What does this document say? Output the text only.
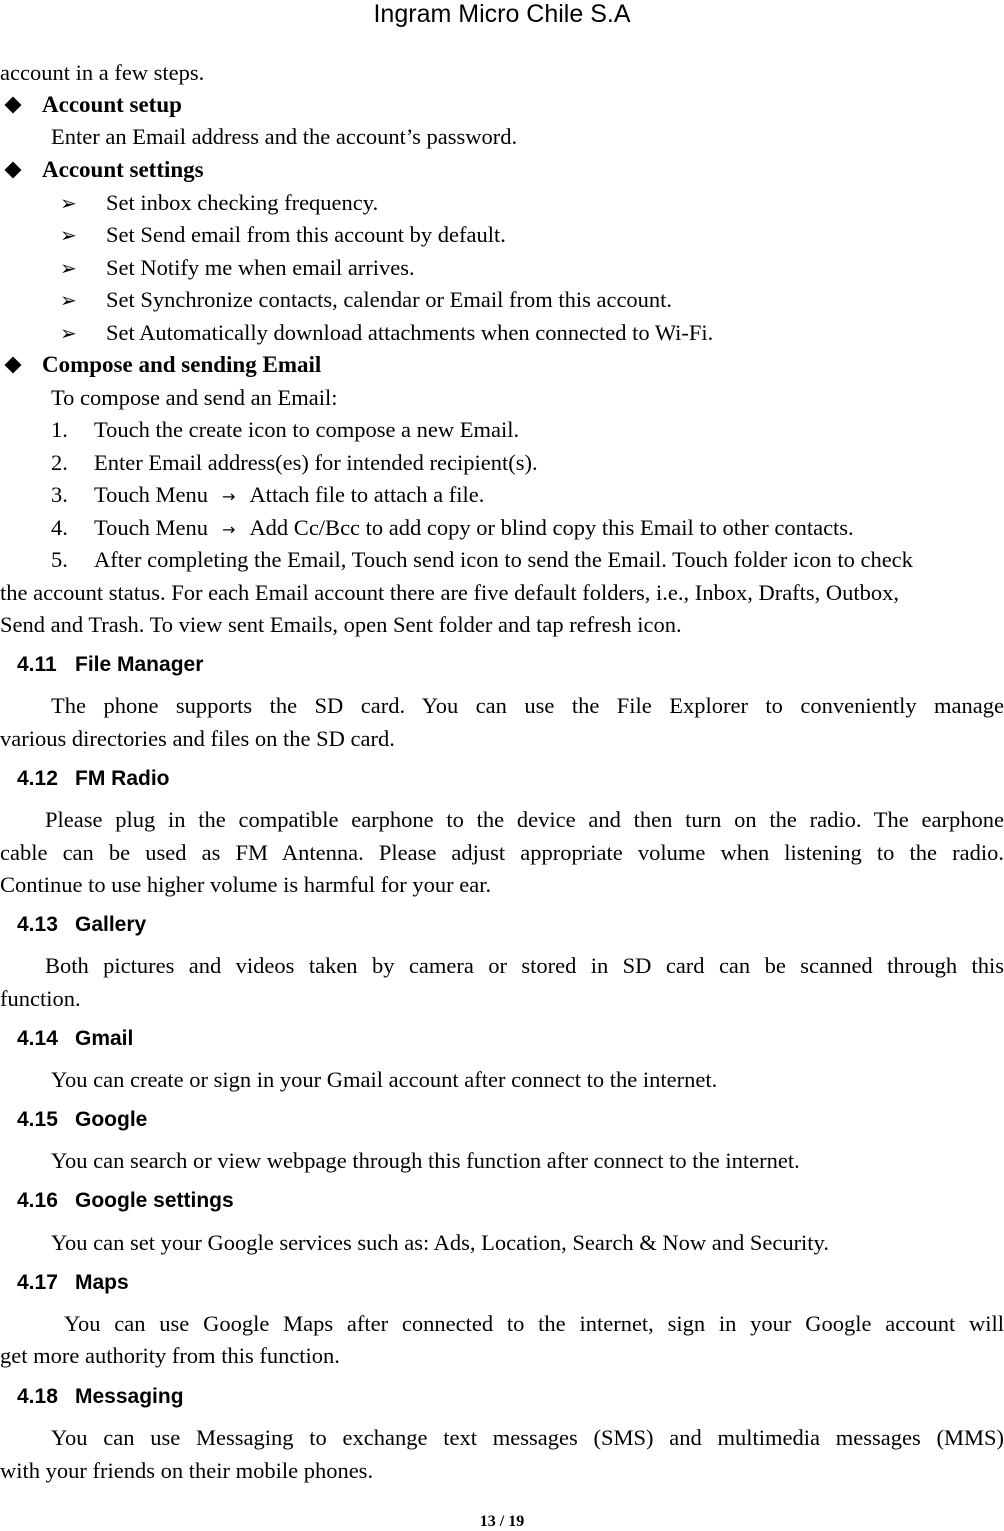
Ingram Micro Chile S.A
account in a few steps.
Account setup
Enter an Email address and the account’s password.
Account settings
➢ Set inbox checking frequency.
➢ Set Send email from this account by default.
➢ Set Notify me when email arrives.
➢ Set Synchronize contacts, calendar or Email from this account.
➢ Set Automatically download attachments when connected to Wi-Fi.
Compose and sending Email
To compose and send an Email:
1. Touch the create icon to compose a new Email.
2. Enter Email address(es) for intended recipient(s).
3. Touch Menu → Attach file to attach a file.
4. Touch Menu → Add Cc/Bcc to add copy or blind copy this Email to other contacts.
5. After completing the Email, Touch send icon to send the Email. Touch folder icon to check
the account status. For each Email account there are five default folders, i.e., Inbox, Drafts, Outbox,
Send and Trash. To view sent Emails, open Sent folder and tap refresh icon.
4.11 File Manager
The phone supports the SD card. You can use the File Explorer to conveniently manage
various directories and files on the SD card.
4.12 FM Radio
Please plug in the compatible earphone to the device and then turn on the radio. The earphone
cable can be used as FM Antenna. Please adjust appropriate volume when listening to the radio.
Continue to use higher volume is harmful for your ear.
4.13 Gallery
Both pictures and videos taken by camera or stored in SD card can be scanned through this
function.
4.14 Gmail
You can create or sign in your Gmail account after connect to the internet.
4.15 Google
You can search or view webpage through this function after connect to the internet.
4.16 Google settings
You can set your Google services such as: Ads, Location, Search & Now and Security.
4.17 Maps
You can use Google Maps after connected to the internet, sign in your Google account will
get more authority from this function.
4.18 Messaging
You can use Messaging to exchange text messages (SMS) and multimedia messages (MMS)
with your friends on their mobile phones.
13 / 19
